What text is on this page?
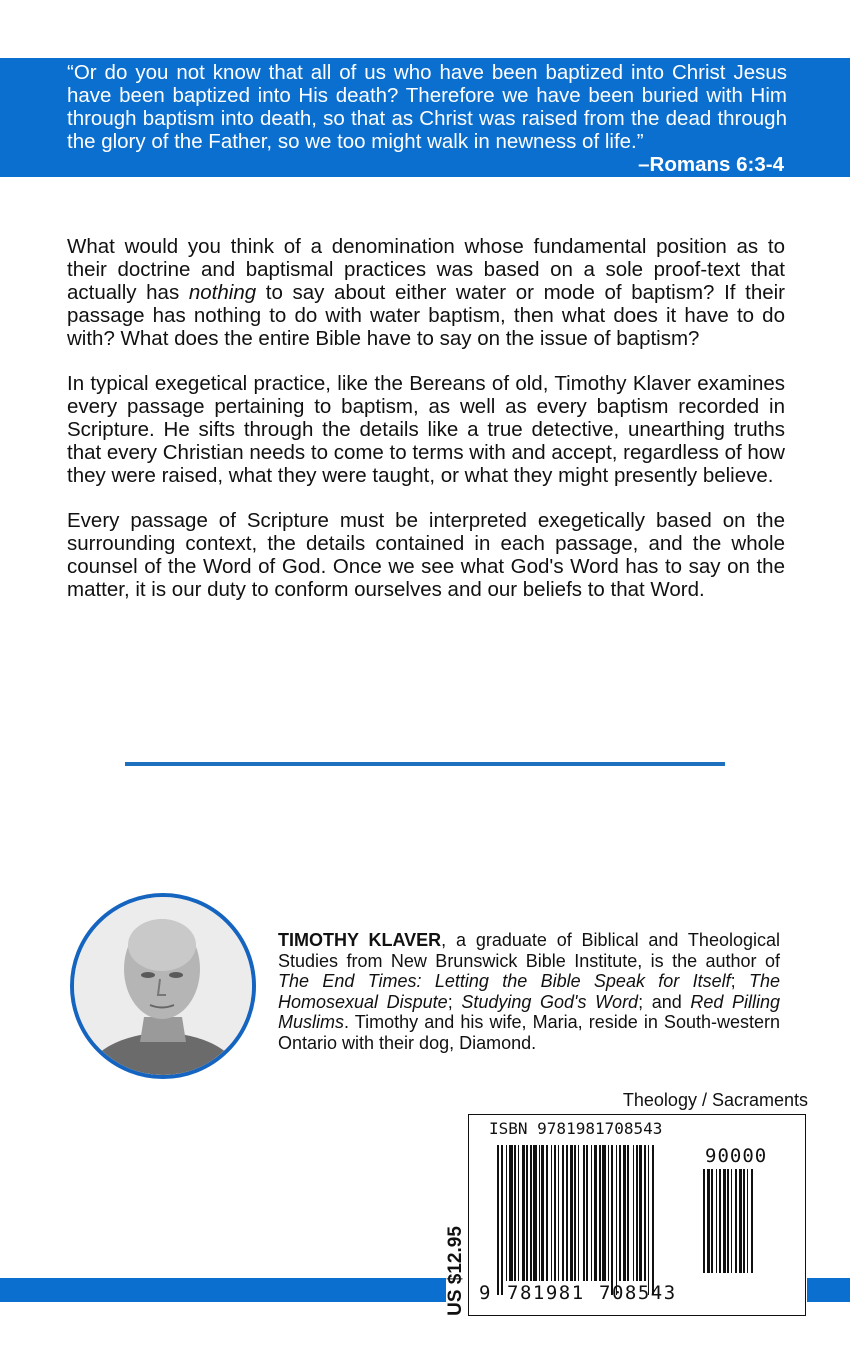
“Or do you not know that all of us who have been baptized into Christ Jesus have been baptized into His death? Therefore we have been buried with Him through baptism into death, so that as Christ was raised from the dead through the glory of the Father, so we too might walk in newness of life.”
–Romans 6:3-4

What would you think of a denomination whose fundamental position as to their doctrine and baptismal practices was based on a sole proof-text that actually has nothing to say about either water or mode of baptism? If their passage has nothing to do with water baptism, then what does it have to do with? What does the entire Bible have to say on the issue of baptism?

In typical exegetical practice, like the Bereans of old, Timothy Klaver examines every passage pertaining to baptism, as well as every baptism recorded in Scripture. He sifts through the details like a true detective, unearthing truths that every Christian needs to come to terms with and accept, regardless of how they were raised, what they were taught, or what they might presently believe.

Every passage of Scripture must be interpreted exegetically based on the surrounding context, the details contained in each passage, and the whole counsel of the Word of God. Once we see what God's Word has to say on the matter, it is our duty to conform ourselves and our beliefs to that Word.

TIMOTHY KLAVER, a graduate of Biblical and Theological Studies from New Brunswick Bible Institute, is the author of The End Times: Letting the Bible Speak for Itself; The Homosexual Dispute; Studying God's Word; and Red Pilling Muslims. Timothy and his wife, Maria, reside in South-western Ontario with their dog, Diamond.
Theology / Sacraments
US $12.95
ISBN 9781981708543
90000
9 781981 708543
